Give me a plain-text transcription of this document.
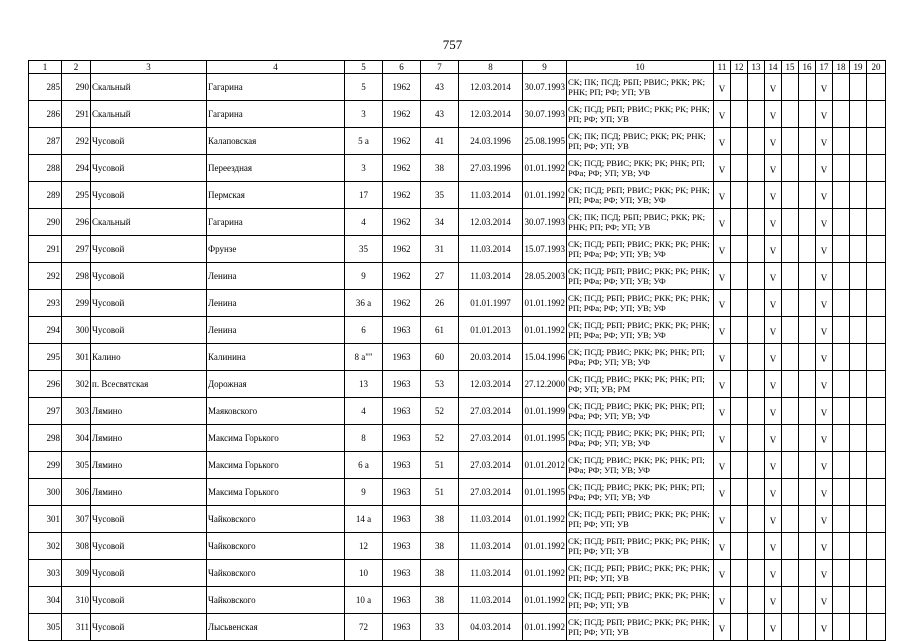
757
1	2	3	4	5	6	7	8	9	10	11	12	13	14	15	16	17	18	19	20
285	290	Скальный	Гагарина	5	1962	43	12.03.2014	30.07.1993	СК; ПК; ПСД; РБП; РВИС; РКК; РК; РНК; РП; РФ; УП; УВ	V			V			V			
286	291	Скальный	Гагарина	3	1962	43	12.03.2014	30.07.1993	СК; ПСД; РБП; РВИС; РКК; РК; РНК; РП; РФ; УП; УВ	V			V			V			
287	292	Чусовой	Калаповская	5 а	1962	41	24.03.1996	25.08.1995	СК; ПК; ПСД; РВИС; РКК; РК; РНК; РП; РФ; УП; УВ	V			V			V			
288	294	Чусовой	Переездная	3	1962	38	27.03.1996	01.01.1992	СК; ПСД; РВИС; РКК; РК; РНК; РП; РФа; РФ; УП; УВ; УФ	V			V			V			
289	295	Чусовой	Пермская	17	1962	35	11.03.2014	01.01.1992	СК; ПСД; РБП; РВИС; РКК; РК; РНК; РП; РФа; РФ; УП; УВ; УФ	V			V			V			
290	296	Скальный	Гагарина	4	1962	34	12.03.2014	30.07.1993	СК; ПК; ПСД; РБП; РВИС; РКК; РК; РНК; РП; РФ; УП; УВ	V			V			V			
291	297	Чусовой	Фрунзе	35	1962	31	11.03.2014	15.07.1993	СК; ПСД; РБП; РВИС; РКК; РК; РНК; РП; РФа; РФ; УП; УВ; УФ	V			V			V			
292	298	Чусовой	Ленина	9	1962	27	11.03.2014	28.05.2003	СК; ПСД; РБП; РВИС; РКК; РК; РНК; РП; РФа; РФ; УП; УВ; УФ	V			V			V			
293	299	Чусовой	Ленина	36 а	1962	26	01.01.1997	01.01.1992	СК; ПСД; РБП; РВИС; РКК; РК; РНК; РП; РФа; РФ; УП; УВ; УФ	V			V			V			
294	300	Чусовой	Ленина	6	1963	61	01.01.2013	01.01.1992	СК; ПСД; РБП; РВИС; РКК; РК; РНК; РП; РФа; РФ; УП; УВ; УФ	V			V			V			
295	301	Калино	Калинина	8 а""	1963	60	20.03.2014	15.04.1996	СК; ПСД; РВИС; РКК; РК; РНК; РП; РФа; РФ; УП; УВ; УФ	V			V			V			
296	302	п. Всесвятская	Дорожная	13	1963	53	12.03.2014	27.12.2000	СК; ПСД; РВИС; РКК; РК; РНК; РП; РФ; УП; УВ; РМ	V			V			V			
297	303	Лямино	Маяковского	4	1963	52	27.03.2014	01.01.1999	СК; ПСД; РВИС; РКК; РК; РНК; РП; РФа; РФ; УП; УВ; УФ	V			V			V			
298	304	Лямино	Максима Горького	8	1963	52	27.03.2014	01.01.1995	СК; ПСД; РВИС; РКК; РК; РНК; РП; РФа; РФ; УП; УВ; УФ	V			V			V			
299	305	Лямино	Максима Горького	6 а	1963	51	27.03.2014	01.01.2012	СК; ПСД; РВИС; РКК; РК; РНК; РП; РФа; РФ; УП; УВ; УФ	V			V			V			
300	306	Лямино	Максима Горького	9	1963	51	27.03.2014	01.01.1995	СК; ПСД; РВИС; РКК; РК; РНК; РП; РФа; РФ; УП; УВ; УФ	V			V			V			
301	307	Чусовой	Чайковского	14 а	1963	38	11.03.2014	01.01.1992	СК; ПСД; РБП; РВИС; РКК; РК; РНК; РП; РФ; УП; УВ	V			V			V			
302	308	Чусовой	Чайковского	12	1963	38	11.03.2014	01.01.1992	СК; ПСД; РБП; РВИС; РКК; РК; РНК; РП; РФ; УП; УВ	V			V			V			
303	309	Чусовой	Чайковского	10	1963	38	11.03.2014	01.01.1992	СК; ПСД; РБП; РВИС; РКК; РК; РНК; РП; РФ; УП; УВ	V			V			V			
304	310	Чусовой	Чайковского	10 а	1963	38	11.03.2014	01.01.1992	СК; ПСД; РБП; РВИС; РКК; РК; РНК; РП; РФ; УП; УВ	V			V			V			
305	311	Чусовой	Лысьвенская	72	1963	33	04.03.2014	01.01.1992	СК; ПСД; РБП; РВИС; РКК; РК; РНК; РП; РФ; УП; УВ	V			V			V			
